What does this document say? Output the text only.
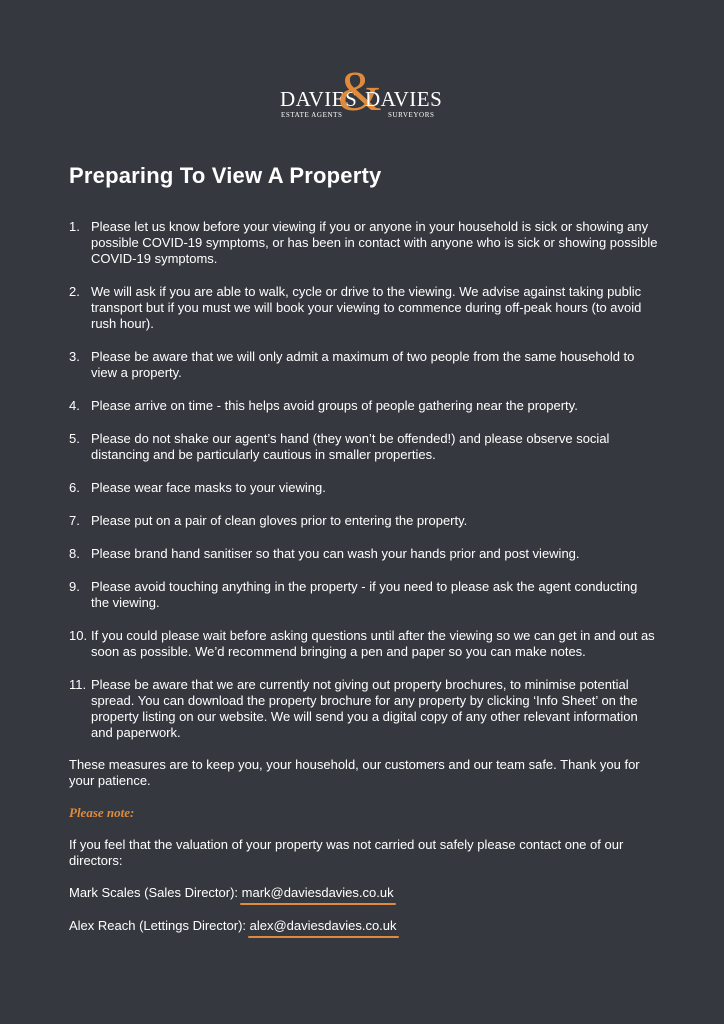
DAVIES
&
DAVIES
ESTATE AGENTS	SURVEYORS
Preparing To View A Property
1. Please let us know before your viewing if you or anyone in your household is sick or showing any possible COVID-19 symptoms, or has been in contact with anyone who is sick or showing possible COVID-19 symptoms.
2. We will ask if you are able to walk, cycle or drive to the viewing. We advise against taking public transport but if you must we will book your viewing to commence during off-peak hours (to avoid rush hour).
3. Please be aware that we will only admit a maximum of two people from the same household to view a property.
4. Please arrive on time - this helps avoid groups of people gathering near the property.
5. Please do not shake our agent’s hand (they won’t be offended!) and please observe social distancing and be particularly cautious in smaller properties.
6. Please wear face masks to your viewing.
7. Please put on a pair of clean gloves prior to entering the property.
8. Please brand hand sanitiser so that you can wash your hands prior and post viewing.
9. Please avoid touching anything in the property - if you need to please ask the agent conducting the viewing.
10. If you could please wait before asking questions until after the viewing so we can get in and out as soon as possible. We’d recommend bringing a pen and paper so you can make notes.
11. Please be aware that we are currently not giving out property brochures, to minimise potential spread. You can download the property brochure for any property by clicking ‘Info Sheet’ on the property listing on our website. We will send you a digital copy of any other relevant information and paperwork.

These measures are to keep you, your household, our customers and our team safe. Thank you for your patience.

Please note:

If you feel that the valuation of your property was not carried out safely please contact one of our directors:

Mark Scales (Sales Director): mark@daviesdavies.co.uk
Alex Reach (Lettings Director): alex@daviesdavies.co.uk
